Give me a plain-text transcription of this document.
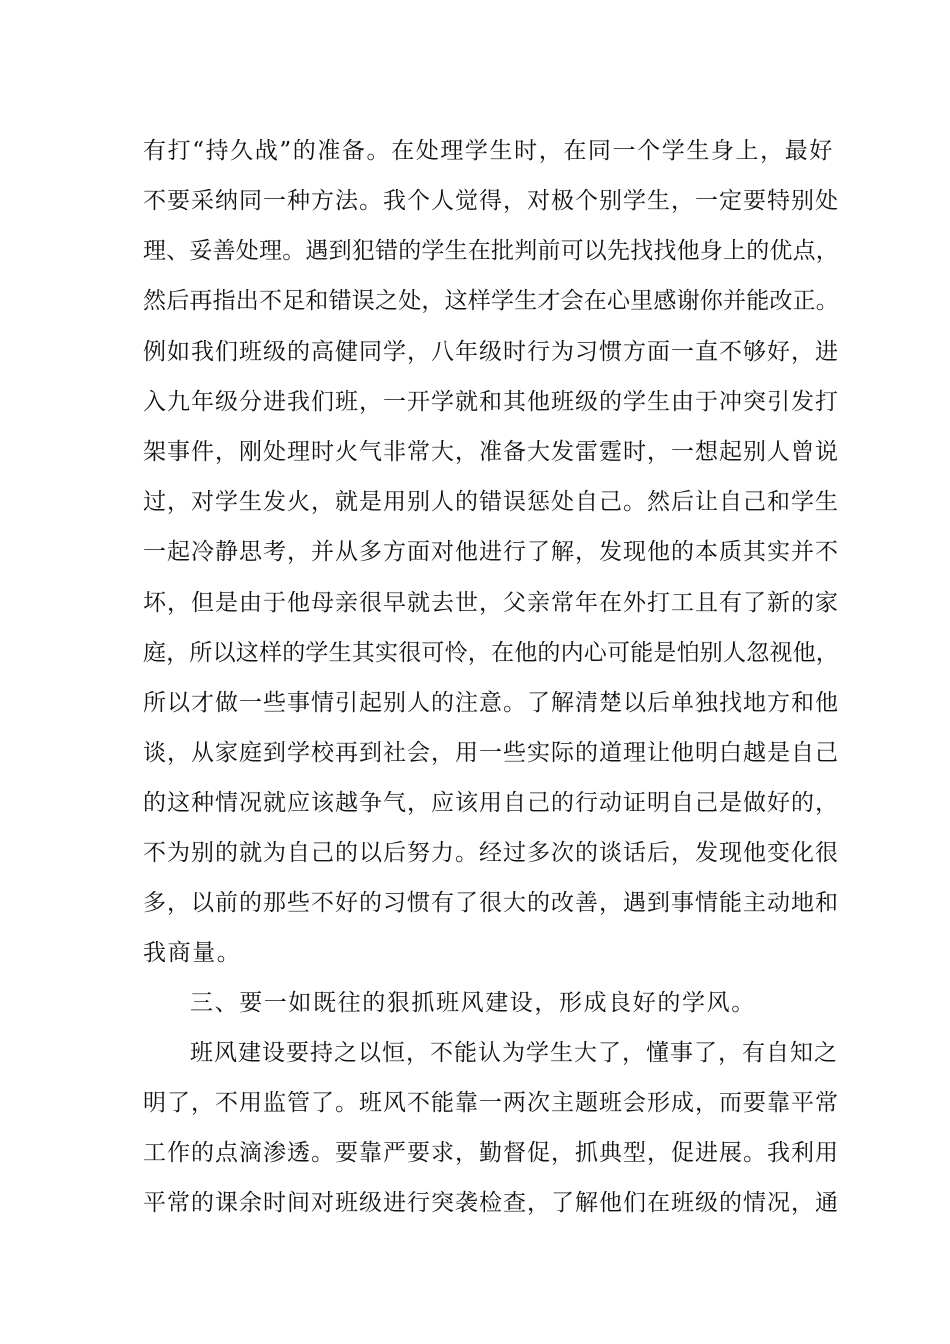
有打“持久战”的准备。在处理学生时，在同一个学生身上，最好
不要采纳同一种方法。我个人觉得，对极个别学生，一定要特别处
理、妥善处理。遇到犯错的学生在批判前可以先找找他身上的优点，
然后再指出不足和错误之处，这样学生才会在心里感谢你并能改正。
例如我们班级的高健同学，八年级时行为习惯方面一直不够好，进
入九年级分进我们班，一开学就和其他班级的学生由于冲突引发打
架事件，刚处理时火气非常大，准备大发雷霆时，一想起别人曾说
过，对学生发火，就是用别人的错误惩处自己。然后让自己和学生
一起冷静思考，并从多方面对他进行了解，发现他的本质其实并不
坏，但是由于他母亲很早就去世，父亲常年在外打工且有了新的家
庭，所以这样的学生其实很可怜，在他的内心可能是怕别人忽视他，
所以才做一些事情引起别人的注意。了解清楚以后单独找地方和他
谈，从家庭到学校再到社会，用一些实际的道理让他明白越是自己
的这种情况就应该越争气，应该用自己的行动证明自己是做好的，
不为别的就为自己的以后努力。经过多次的谈话后，发现他变化很
多，以前的那些不好的习惯有了很大的改善，遇到事情能主动地和
我商量。
三、要一如既往的狠抓班风建设，形成良好的学风。
班风建设要持之以恒，不能认为学生大了，懂事了，有自知之
明了，不用监管了。班风不能靠一两次主题班会形成，而要靠平常
工作的点滴渗透。要靠严要求，勤督促，抓典型，促进展。我利用
平常的课余时间对班级进行突袭检查，了解他们在班级的情况，通
